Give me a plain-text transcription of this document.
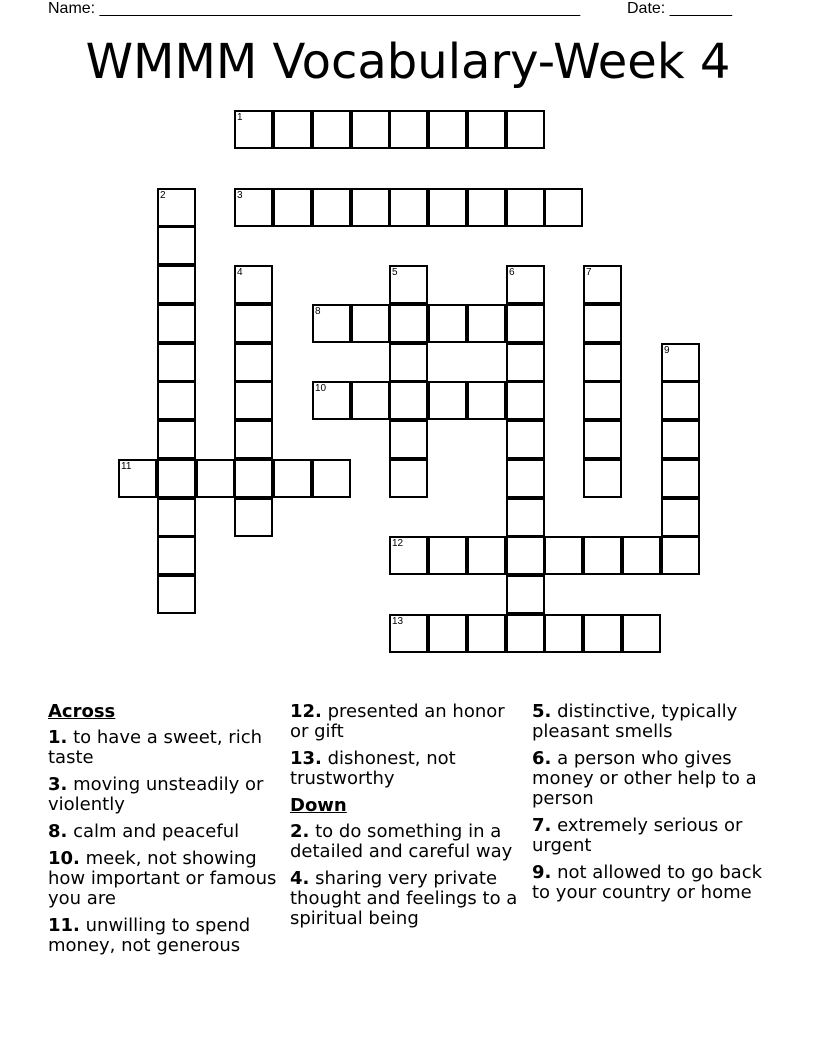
Name: ______________________________________________________	Date: _______
WMMM Vocabulary-Week 4
1
2	3
4	5	6	7
8
9
10
11
12
13
Across
1. to have a sweet, rich taste
3. moving unsteadily or violently
8. calm and peaceful
10. meek, not showing how important or famous you are
11. unwilling to spend money, not generous
12. presented an honor or gift
13. dishonest, not trustworthy
Down
2. to do something in a detailed and careful way
4. sharing very private thought and feelings to a spiritual being
5. distinctive, typically pleasant smells
6. a person who gives money or other help to a person
7. extremely serious or urgent
9. not allowed to go back to your country or home
